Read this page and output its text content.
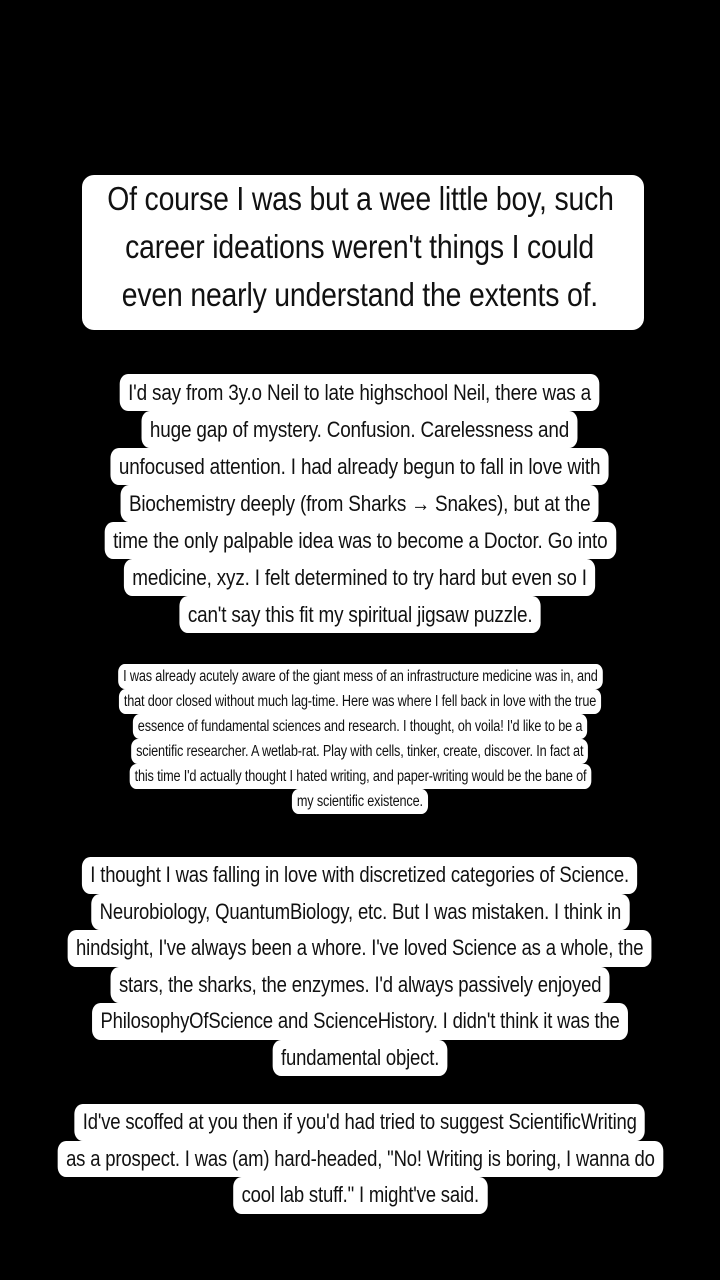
Of course I was but a wee little boy, such
career ideations weren't things I could
even nearly understand the extents of.
I'd say from 3y.o Neil to late highschool Neil, there was a
huge gap of mystery. Confusion. Carelessness and
unfocused attention. I had already begun to fall in love with
Biochemistry deeply (from Sharks → Snakes), but at the
time the only palpable idea was to become a Doctor. Go into
medicine, xyz. I felt determined to try hard but even so I
can't say this fit my spiritual jigsaw puzzle.
I was already acutely aware of the giant mess of an infrastructure medicine was in, and
that door closed without much lag-time. Here was where I fell back in love with the true
essence of fundamental sciences and research. I thought, oh voila! I'd like to be a
scientific researcher. A wetlab-rat. Play with cells, tinker, create, discover. In fact at
this time I'd actually thought I hated writing, and paper-writing would be the bane of
my scientific existence.
I thought I was falling in love with discretized categories of Science.
Neurobiology, QuantumBiology, etc. But I was mistaken. I think in
hindsight, I've always been a whore. I've loved Science as a whole, the
stars, the sharks, the enzymes. I'd always passively enjoyed
PhilosophyOfScience and ScienceHistory. I didn't think it was the
fundamental object.
Id've scoffed at you then if you'd had tried to suggest ScientificWriting
as a prospect. I was (am) hard-headed, "No! Writing is boring, I wanna do
cool lab stuff." I might've said.
